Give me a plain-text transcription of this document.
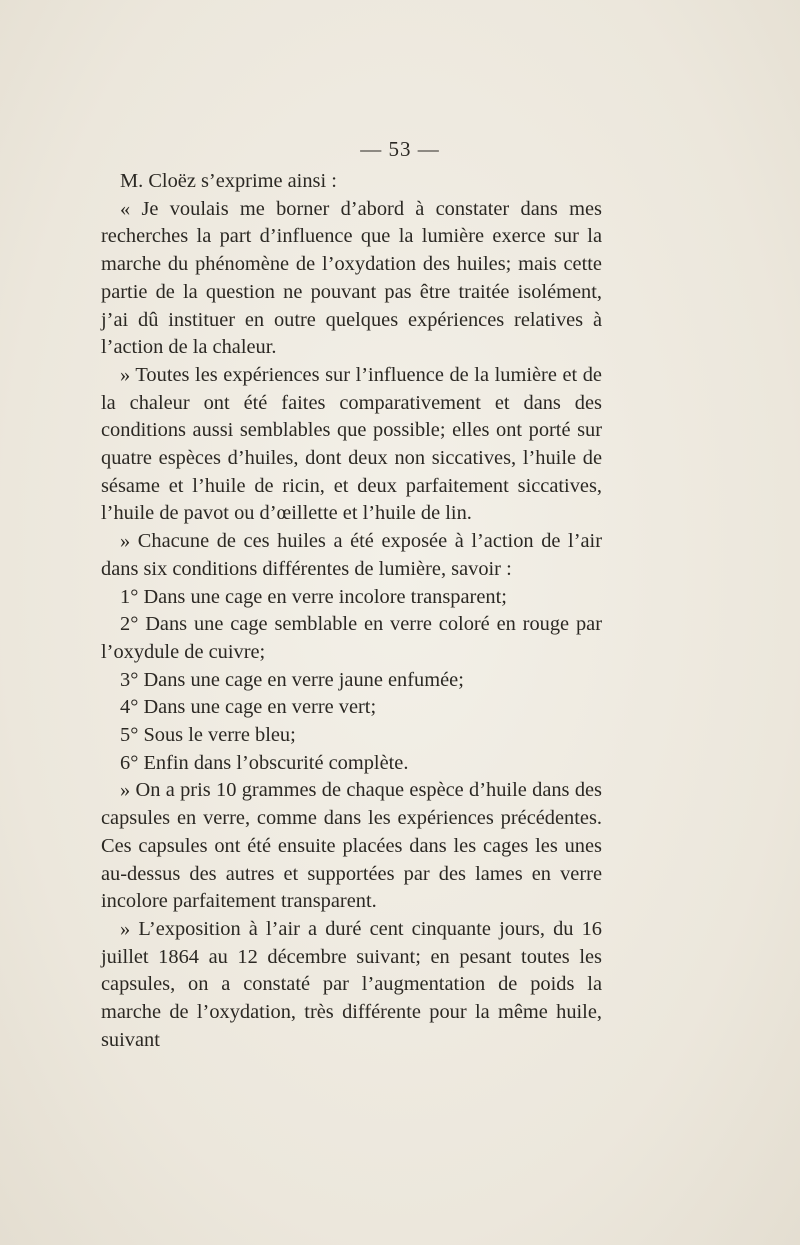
— 53 —

M. Cloëz s’exprime ainsi :

« Je voulais me borner d’abord à constater dans mes recherches la part d’influence que la lumière exerce sur la marche du phénomène de l’oxydation des huiles; mais cette partie de la question ne pouvant pas être traitée isolément, j’ai dû instituer en outre quelques expériences relatives à l’action de la chaleur.

» Toutes les expériences sur l’influence de la lumière et de la chaleur ont été faites comparativement et dans des conditions aussi semblables que possible; elles ont porté sur quatre espèces d’huiles, dont deux non siccatives, l’huile de sésame et l’huile de ricin, et deux parfaitement siccatives, l’huile de pavot ou d’œillette et l’huile de lin.

» Chacune de ces huiles a été exposée à l’action de l’air dans six conditions différentes de lumière, savoir :

1° Dans une cage en verre incolore transparent;

2° Dans une cage semblable en verre coloré en rouge par l’oxydule de cuivre;

3° Dans une cage en verre jaune enfumée;

4° Dans une cage en verre vert;

5° Sous le verre bleu;

6° Enfin dans l’obscurité complète.

» On a pris 10 grammes de chaque espèce d’huile dans des capsules en verre, comme dans les expériences précédentes. Ces capsules ont été ensuite placées dans les cages les unes au-dessus des autres et supportées par des lames en verre incolore parfaitement transparent.

» L’exposition à l’air a duré cent cinquante jours, du 16 juillet 1864 au 12 décembre suivant; en pesant toutes les capsules, on a constaté par l’augmentation de poids la marche de l’oxydation, très différente pour la même huile, suivant
